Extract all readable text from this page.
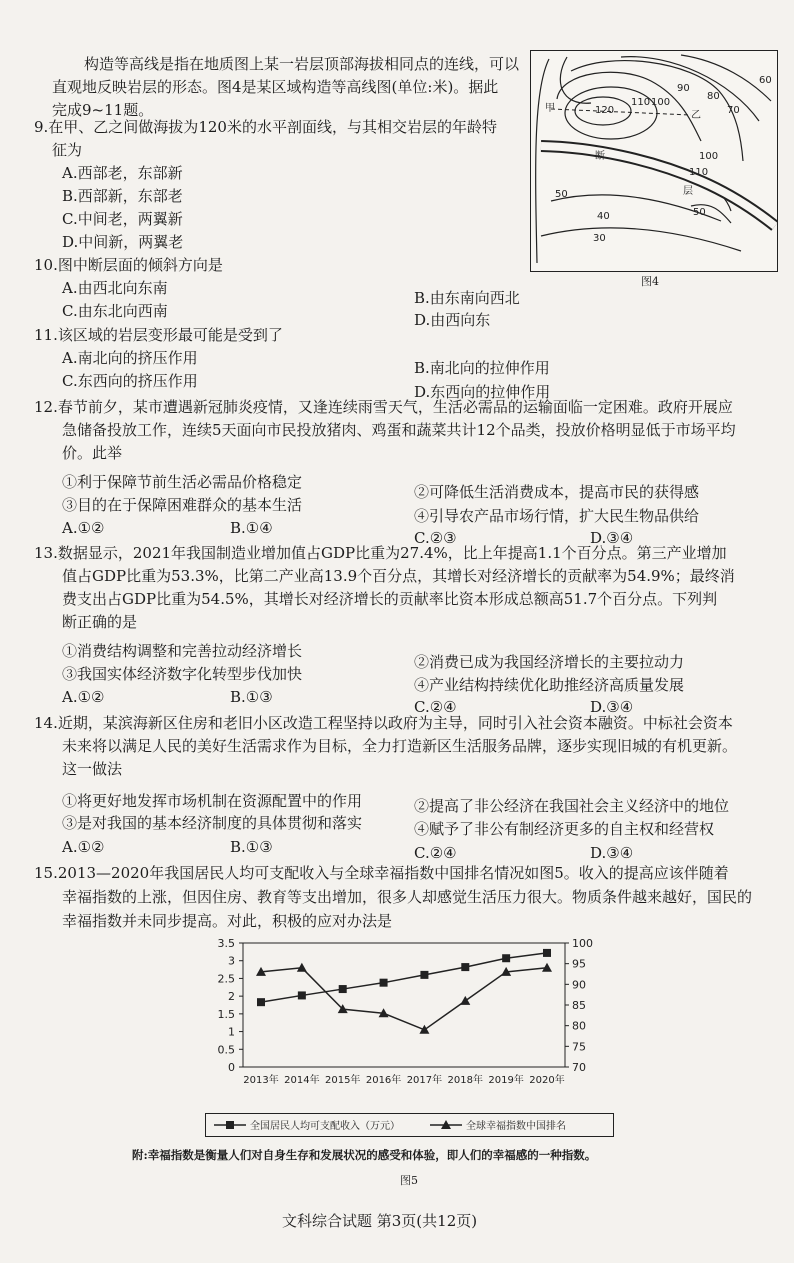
构造等高线是指在地质图上某一岩层顶部海拔相同点的连线，可以
直观地反映岩层的形态。图4是某区域构造等高线图(单位:米)。据此
完成9~11题。	甲
乙
断
层
120
110 100
90
80
70
60
100
110
50
50
40
30
图4
9.在甲、乙之间做海拔为120米的水平剖面线，与其相交岩层的年龄特
征为
A.西部老，东部新
B.西部新，东部老
C.中间老，两翼新
D.中间新，两翼老
10.图中断层面的倾斜方向是
A.由西北向东南
B.由东南向西北
C.由东北向西南	D.由西向东
11.该区域的岩层变形最可能是受到了
A.南北向的挤压作用
B.南北向的拉伸作用
C.东西向的挤压作用
D.东西向的拉伸作用
12.春节前夕，某市遭遇新冠肺炎疫情，又逢连续雨雪天气，生活必需品的运输面临一定困难。政府开展应
急储备投放工作，连续5天面向市民投放猪肉、鸡蛋和蔬菜共计12个品类，投放价格明显低于市场平均
价。此举
①利于保障节前生活必需品价格稳定
②可降低生活消费成本，提高市民的获得感
③目的在于保障困难群众的基本生活
④引导农产品市场行情，扩大民生物品供给
A.①②	B.①④
C.②③	D.③④
13.数据显示，2021年我国制造业增加值占GDP比重为27.4%，比上年提高1.1个百分点。第三产业增加
值占GDP比重为53.3%，比第二产业高13.9个百分点，其增长对经济增长的贡献率为54.9%；最终消
费支出占GDP比重为54.5%，其增长对经济增长的贡献率比资本形成总额高51.7个百分点。下列判
断正确的是
①消费结构调整和完善拉动经济增长
②消费已成为我国经济增长的主要拉动力
③我国实体经济数字化转型步伐加快
④产业结构持续优化助推经济高质量发展
A.①②	B.①③
C.②④	D.③④
14.近期，某滨海新区住房和老旧小区改造工程坚持以政府为主导，同时引入社会资本融资。中标社会资本
未来将以满足人民的美好生活需求作为目标，全力打造新区生活服务品牌，逐步实现旧城的有机更新。
这一做法
①将更好地发挥市场机制在资源配置中的作用	②提高了非公经济在我国社会主义经济中的地位
③是对我国的基本经济制度的具体贯彻和落实	④赋予了非公有制经济更多的自主权和经营权
A.①②	B.①③	C.②④	D.③④
15.2013—2020年我国居民人均可支配收入与全球幸福指数中国排名情况如图5。收入的提高应该伴随着
幸福指数的上涨，但因住房、教育等支出增加，很多人却感觉生活压力很大。物质条件越来越好，国民的
幸福指数并未同步提高。对此，积极的应对办法是
3.5
3
2.5
2
1.5
1
0.5
0
100
95
90
85
80
75
70
2013年 2014年 2015年 2016年 2017年 2018年 2019年 2020年
全国居民人均可支配收入（万元）	全球幸福指数中国排名
附:幸福指数是衡量人们对自身生存和发展状况的感受和体验，即人们的幸福感的一种指数。
图5
文科综合试题 第3页(共12页)
